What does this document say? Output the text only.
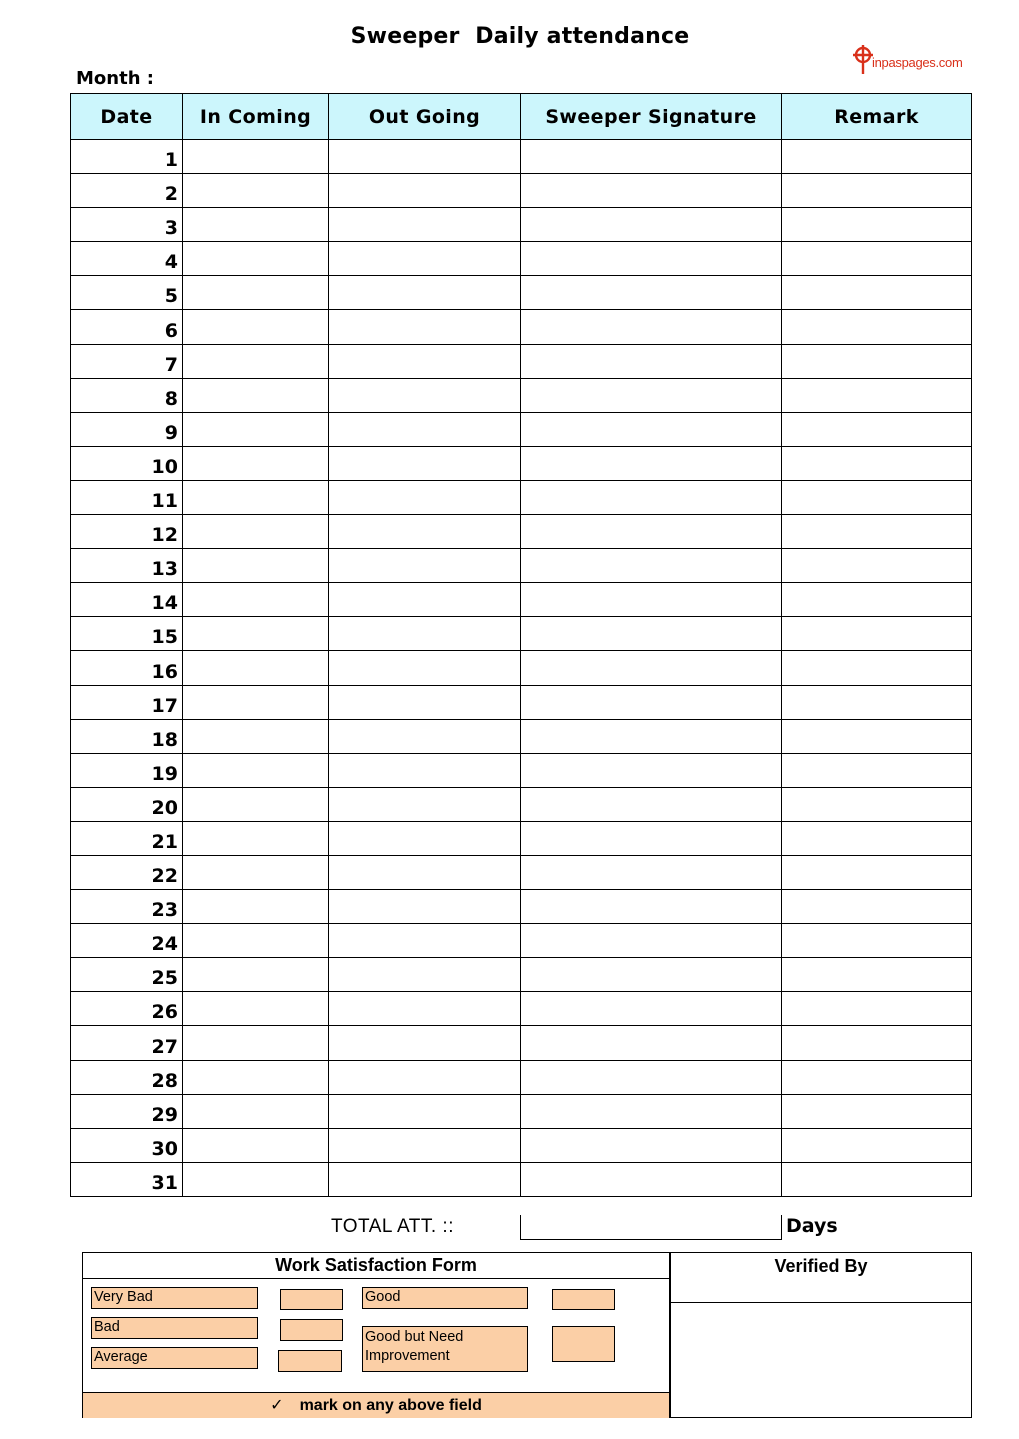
Sweeper  Daily attendance
inpaspages.com
Month :
Date	In Coming	Out Going	Sweeper Signature	Remark
1				
2				
3				
4				
5				
6				
7				
8				
9				
10				
11				
12				
13				
14				
15				
16				
17				
18				
19				
20				
21				
22				
23				
24				
25				
26				
27				
28				
29				
30				
31				
TOTAL ATT. ::	Days
Work Satisfaction Form
Very Bad
Bad
Average
Good
Good but Need Improvement
✓ mark on any above field
Verified By
